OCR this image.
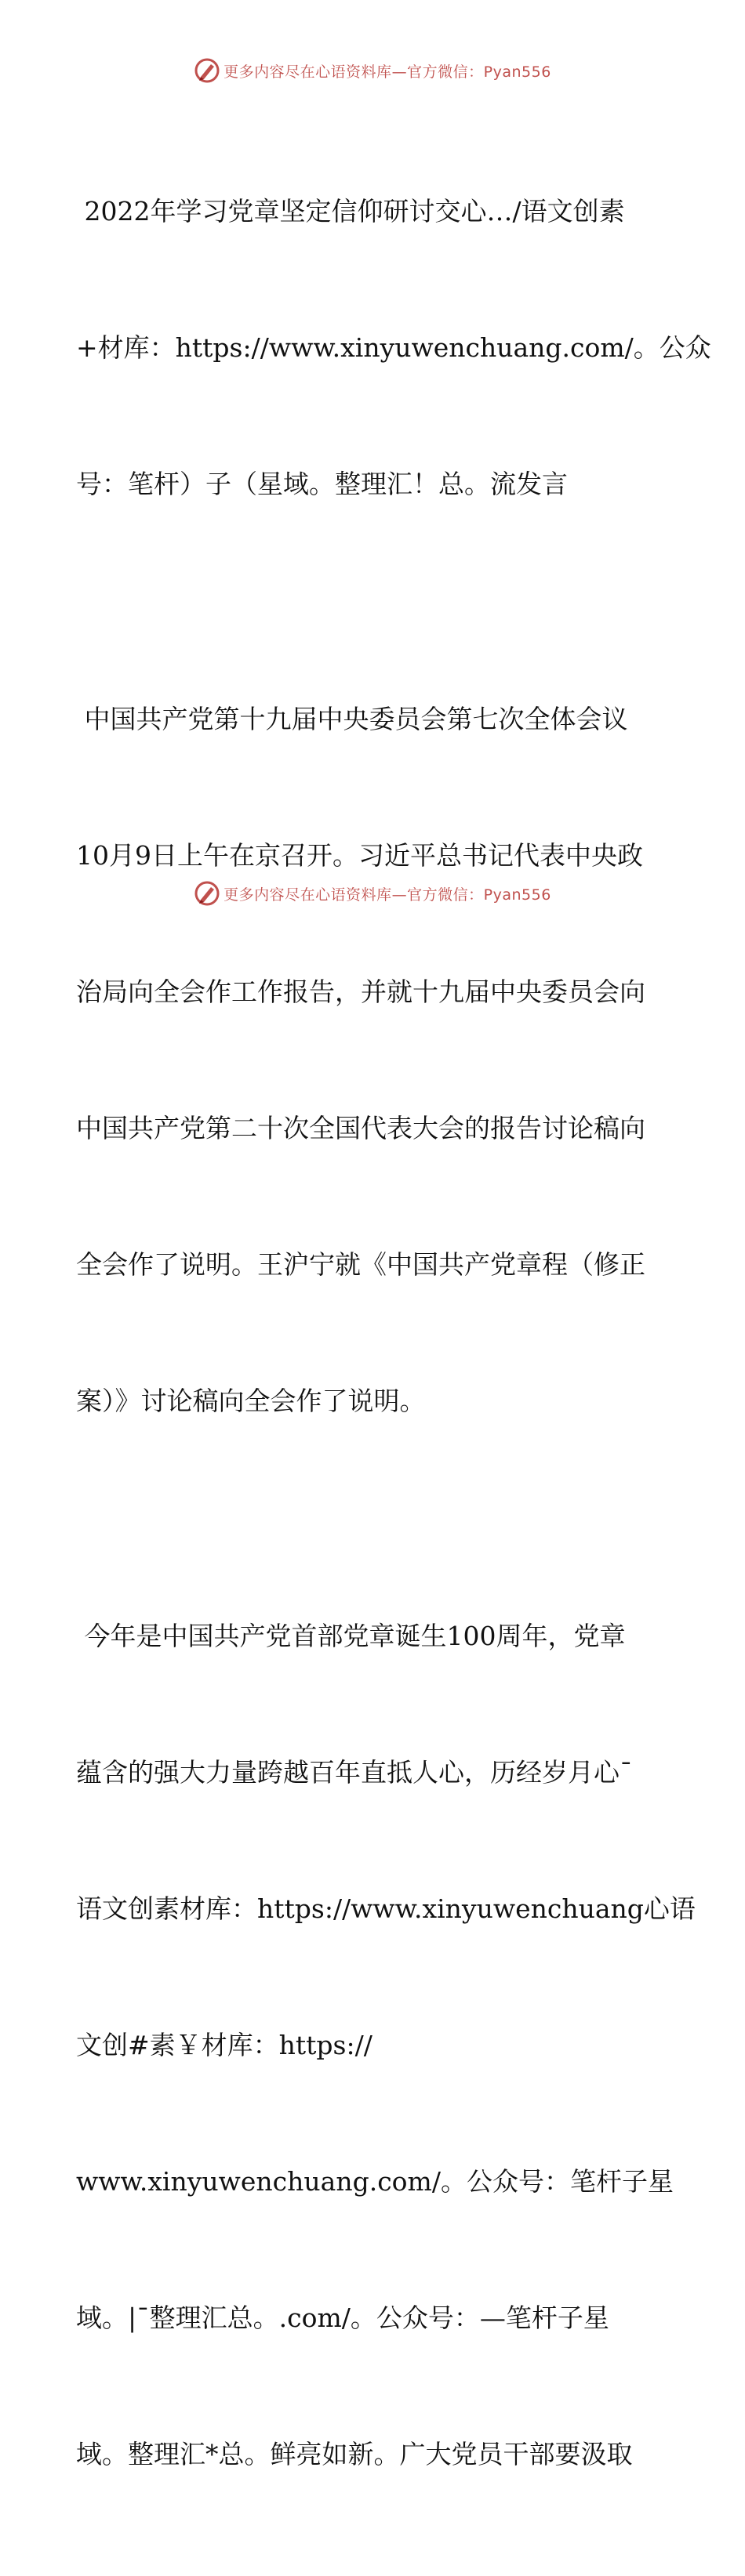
更多内容尽在心语资料库—官方微信：Pyan556

2022年学习党章坚定信仰研讨交心…/语文创素

+材库：https://www.xinyuwenchuang.com/。公众

号：笔杆）子（星域。整理汇！总。流发言

中国共产党第十九届中央委员会第七次全体会议

10月9日上午在京召开。习近平总书记代表中央政

治局向全会作工作报告，并就十九届中央委员会向

中国共产党第二十次全国代表大会的报告讨论稿向

全会作了说明。王沪宁就《中国共产党章程（修正

案）》讨论稿向全会作了说明。

今年是中国共产党首部党章诞生100周年，党章

蕴含的强大力量跨越百年直抵人心，历经岁月心¯

语文创素材库：https://www.xinyuwenchuang心语

文创#素￥材库：https://

www.xinyuwenchuang.com/。公众号：笔杆子星

域。|¯整理汇总。.com/。公众号：—笔杆子星

域。整理汇*总。鲜亮如新。广大党员干部要汲取

更多内容尽在心语资料库—官方微信：Pyan556
